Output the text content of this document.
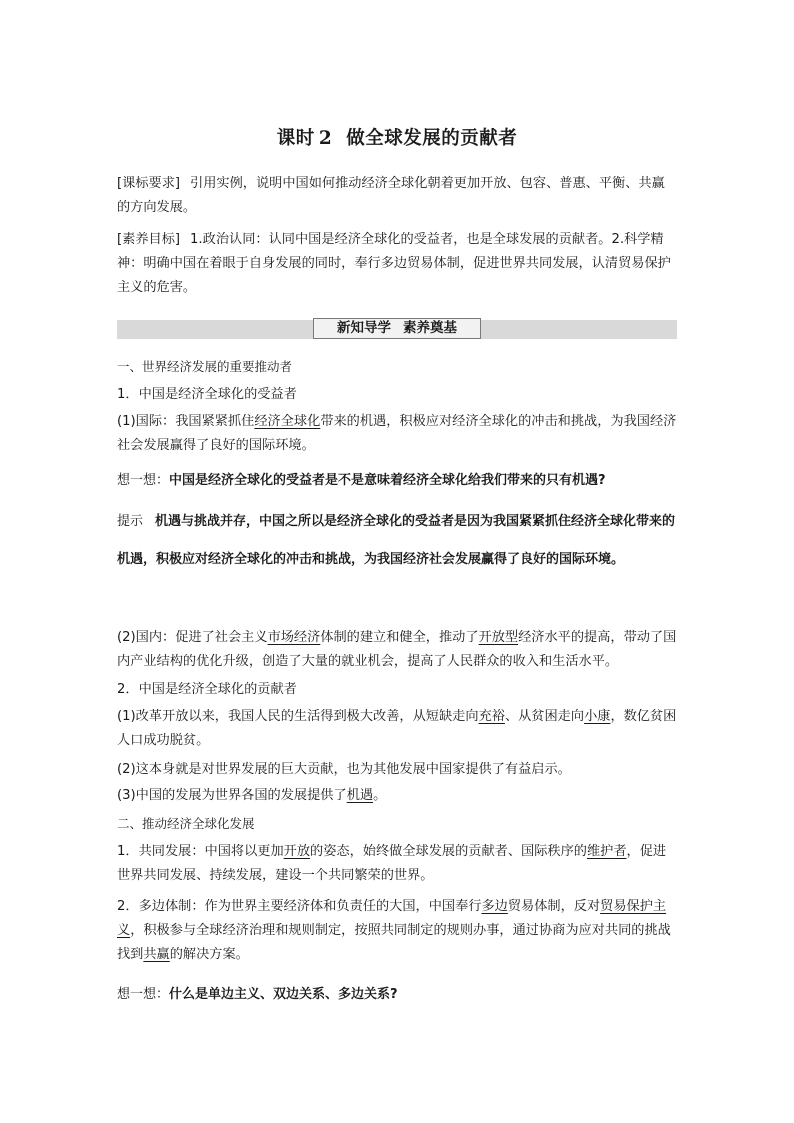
课时 2 做全球发展的贡献者
[课标要求] 引用实例，说明中国如何推动经济全球化朝着更加开放、包容、普惠、平衡、共赢的方向发展。
[素养目标] 1.政治认同：认同中国是经济全球化的受益者，也是全球发展的贡献者。2.科学精神：明确中国在着眼于自身发展的同时，奉行多边贸易体制，促进世界共同发展，认清贸易保护主义的危害。
新知导学 素养奠基
一、世界经济发展的重要推动者
1．中国是经济全球化的受益者
(1)国际：我国紧紧抓住经济全球化带来的机遇，积极应对经济全球化的冲击和挑战，为我国经济社会发展赢得了良好的国际环境。
想一想：中国是经济全球化的受益者是不是意味着经济全球化给我们带来的只有机遇?
提示 机遇与挑战并存，中国之所以是经济全球化的受益者是因为我国紧紧抓住经济全球化带来的机遇，积极应对经济全球化的冲击和挑战，为我国经济社会发展赢得了良好的国际环境。
(2)国内：促进了社会主义市场经济体制的建立和健全，推动了开放型经济水平的提高，带动了国内产业结构的优化升级，创造了大量的就业机会，提高了人民群众的收入和生活水平。
2．中国是经济全球化的贡献者
(1)改革开放以来，我国人民的生活得到极大改善，从短缺走向充裕、从贫困走向小康，数亿贫困人口成功脱贫。
(2)这本身就是对世界发展的巨大贡献，也为其他发展中国家提供了有益启示。
(3)中国的发展为世界各国的发展提供了机遇。
二、推动经济全球化发展
1．共同发展：中国将以更加开放的姿态，始终做全球发展的贡献者、国际秩序的维护者，促进世界共同发展、持续发展，建设一个共同繁荣的世界。
2．多边体制：作为世界主要经济体和负责任的大国，中国奉行多边贸易体制，反对贸易保护主义，积极参与全球经济治理和规则制定，按照共同制定的规则办事，通过协商为应对共同的挑战找到共赢的解决方案。
想一想：什么是单边主义、双边关系、多边关系?
